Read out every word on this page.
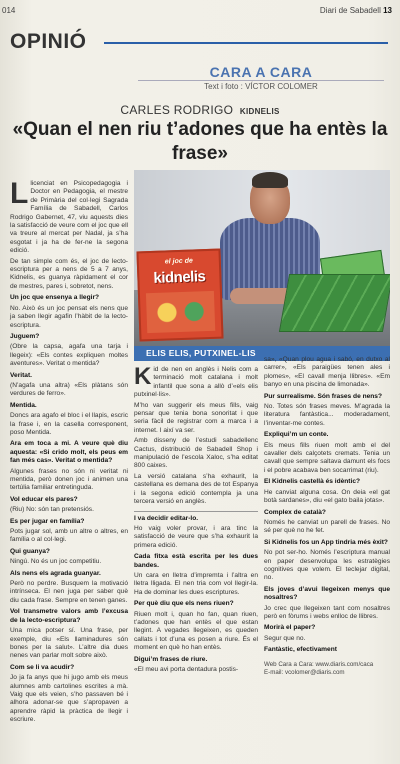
014	Diari de Sabadell 13
OPINIÓ
CARA A CARA
Text i foto : VÍCTOR COLOMER
CARLES RODRIGO KIDNELIS
«Quan el nen riu t’adones que ha entès la frase»

Llicenciat en Psicopedagogia i Doctor en Pedagogia, el mestre de Primària del col·legi Sagrada Família de Sabadell, Carlos Rodrigo Gabernet, 47, viu aquests dies la satisfacció de veure com el joc que ell va treure al mercat per Nadal, ja s’ha esgotat i ja ha de fer-ne la segona edició.

De tan simple com és, el joc de lecto-escriptura per a nens de 5 a 7 anys, Kidnelis, es guanya ràpidament el cor de mestres, pares i, sobretot, nens.

Un joc que ensenya a llegir?

No. Això és un joc pensat els nens que ja saben llegir agafin l’hàbit de la lecto-escriptura.

Juguem?

(Obre la capsa, agafa una tarja i llegeix): «Els contes expliquen moltes aventures». Veritat o mentida?

Veritat.

(N’agafa una altra) «Els plàtans són verdures de ferro».

Mentida.

Doncs ara agafo el bloc i el llapis, escric la frase i, en la casella corresponent, poso Mentida.

Ara em toca a mi. A veure què diu aquesta: «Si crido molt, els peus em fan més cas». Veritat o mentida?

Algunes frases no són ni veritat ni mentida, però donen joc i animen una tertúlia familiar entretinguda.

VoI educar els pares?

(Riu) No: són tan pretensiós.

Es per jugar en família?

Pots jugar sol, amb un altre o altres, en família o al col·legi.

Qui guanya?

Ningú. No és un joc competitiu.

Als nens els agrada guanyar.

Però no perdre. Busquem la motivació intrínseca. El nen juga per saber què diu cada frase. Sempre en tenen ganes.

Vol transmetre valors amb l’excusa de la lecto-escriptura?

Una mica potser sí. Una frase, per exemple, diu «Els llaminadures són bones per la salut». L’altre dia dues nenes van parlar molt sobre això.

Com se li va acudir?

Jo ja fa anys que hi jugo amb els meus alumnes amb cartolines escrites a mà. Vaig que els veien, s’ho passaven bé i alhora adonar-se que s’apropaven a aprendre ràpid la pràctica de llegir i escriure.

el joc de
kidnelis
ELIS ELIS, PUTXINEL-LIS

Kid de nen en anglès i Nelis com a terminació molt catalana i molt infantil que sona a allò d’«els elis putxinel·lis».

M’ho van suggerir els meus fills, vaig pensar que tenia bona sonoritat i que seria fàcil de registrar com a marca i a internet. I així va ser.

Amb disseny de l’estudi sabadellenc Cactus, distribució de Sabadell Shop i manipulació de l’escola Xaloc, s’ha editat 800 caixes.

La versió catalana s’ha exhaurit, la castellana es demana des de tot Espanya i la segona edició contempla ja una tercera versió en anglès.

I va decidir editar-lo.

Ho vaig voler provar, i ara tinc la satisfacció de veure que s’ha exhaurit la primera edició.

Cada fitxa està escrita per les dues bandes.

Un cara en lletra d’impremta i l’altra en lletra lligada. El nen tria com vol llegir-la. Ha de dominar les dues escriptures.

Per què diu que els nens riuen?

Riuen molt i, quan ho fan, quan riuen, t’adones que han entès el que estan llegint. A vegades llegeixen, es queden callats i tot d’una es posen a riure. És el moment en què ho han entès.

Digui’m frases de riure.

«El meu avi porta dentadura postis-

sa», «Quan plou agua i sabó, en dutxo al carrer», «Els paraigües tenen ales i plomes», «El cavall menja llibres». «Em banyo en una piscina de limonada».

Pur surrealisme. Són frases de nens?

No. Totes són frases meves. M’agrada la literatura fantàstica... moderadament, l’inventar-me contes.

Expliqui’m un conte.

Els meus fills riuen molt amb el del cavaller dels calçotets cremats. Tenia un cavall que sempre saltava damunt els focs i el pobre acabava ben socarrimat (riu).

El Kidnelis castellà és idèntic?

He canviat alguna cosa. On deia «el gat botà sardanes», diu «el gato baila jotas».

Complex de català?

Només he canviat un parell de frases. No sé per què no he fet.

Si Kidnelis fos un App tindria més èxit?

No pot ser-ho. Només l’escriptura manual en paper desenvolupa les estratègies cognitives que volem. El teclejar digital, no.

Els joves d’avui llegeixen menys que nosaltres?

Jo crec que llegeixen tant com nosaltres però en fòrums i webs enlloc de llibres.

Morirà el paper?

Segur que no.

Fantàstic, efectivament

Web Cara a Cara: www.diaris.com/caca
E-mail: vcolomer@diaris.com
